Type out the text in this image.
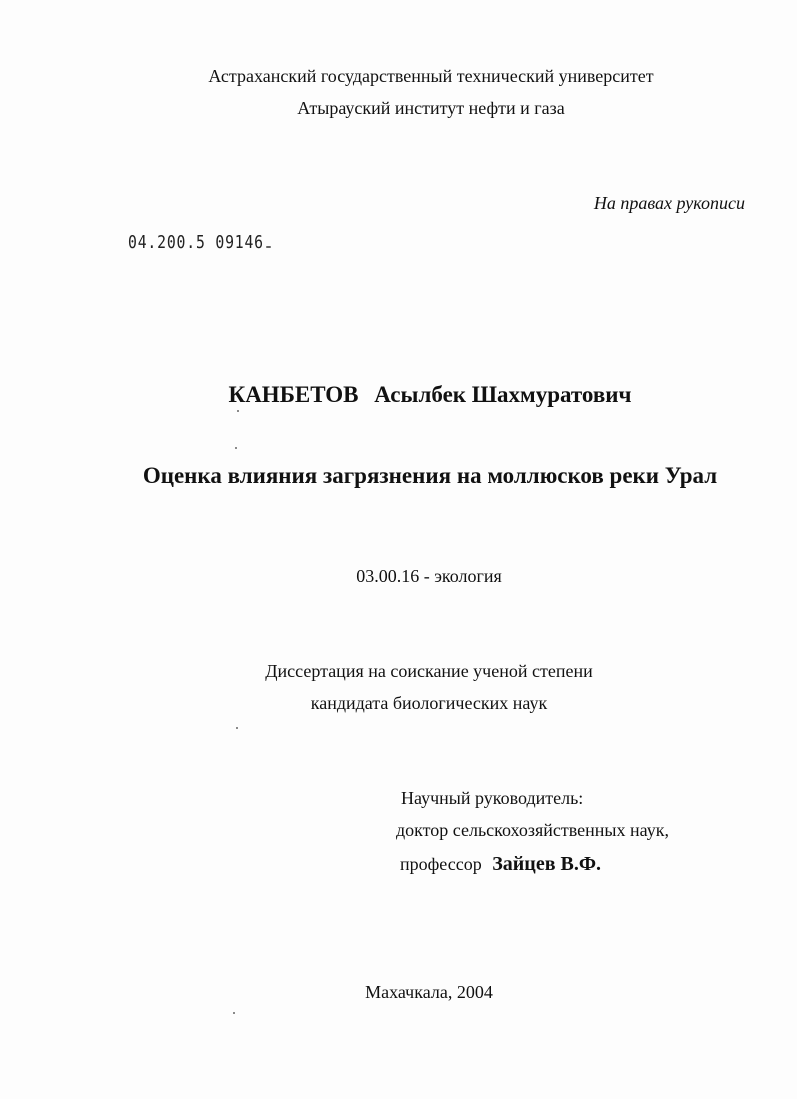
Астраханский государственный технический университет
Атырауский институт нефти и газа
На правах рукописи
04.200.5 09146
КАНБЕТОВ Асылбек Шахмуратович
Оценка влияния загрязнения на моллюсков реки Урал
03.00.16 - экология
Диссертация на соискание ученой степени
кандидата биологических наук
Научный руководитель:
доктор сельскохозяйственных наук,
профессор Зайцев В.Ф.
Махачкала, 2004
